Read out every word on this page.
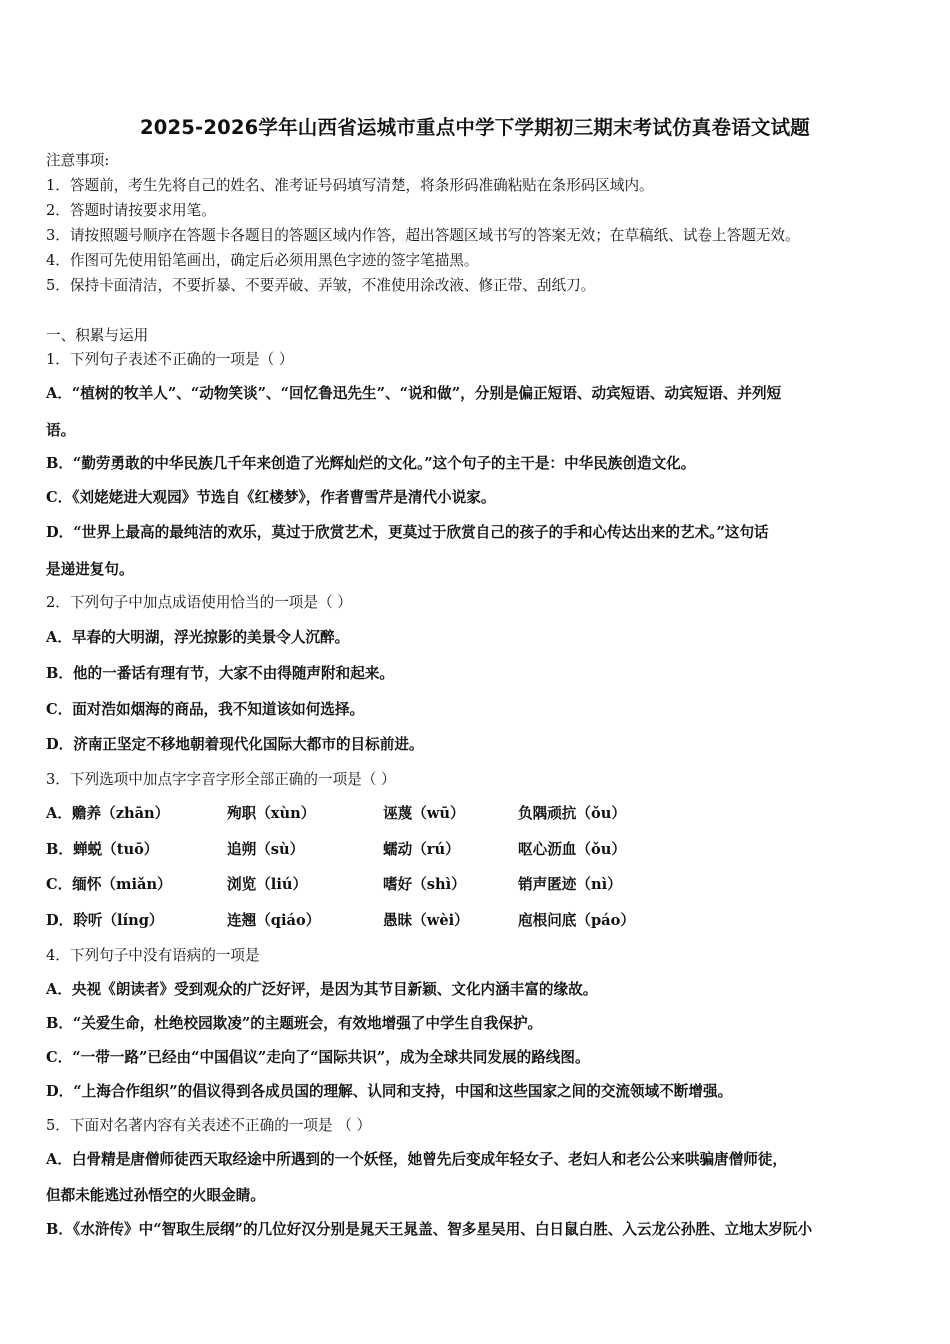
2025-2026学年山西省运城市重点中学下学期初三期末考试仿真卷语文试题
注意事项:
1．答题前，考生先将自己的姓名、准考证号码填写清楚，将条形码准确粘贴在条形码区域内。
2．答题时请按要求用笔。
3．请按照题号顺序在答题卡各题目的答题区域内作答，超出答题区域书写的答案无效；在草稿纸、试卷上答题无效。
4．作图可先使用铅笔画出，确定后必须用黑色字迹的签字笔描黑。
5．保持卡面清洁，不要折暴、不要弄破、弄皱，不准使用涂改液、修正带、刮纸刀。
一、积累与运用
1．下列句子表述不正确的一项是（ ）
A．“植树的牧羊人”、“动物笑谈”、“回忆鲁迅先生”、“说和做”，分别是偏正短语、动宾短语、动宾短语、并列短
语。
B．“勤劳勇敢的中华民族几千年来创造了光辉灿烂的文化。”这个句子的主干是：中华民族创造文化。
C．《刘姥姥进大观园》节选自《红楼梦》，作者曹雪芹是清代小说家。
D．“世界上最高的最纯洁的欢乐，莫过于欣赏艺术，更莫过于欣赏自己的孩子的手和心传达出来的艺术。”这句话
是递进复句。
2．下列句子中加点成语使用恰当的一项是（ ）
A．早春的大明湖，浮光掠影的美景令人沉醉。
B．他的一番话有理有节，大家不由得随声附和起来。
C．面对浩如烟海的商品，我不知道该如何选择。
D．济南正坚定不移地朝着现代化国际大都市的目标前进。
3．下列选项中加点字字音字形全部正确的一项是（ ）
A．赡养（zhān）	殉职（xùn）	诬蔑（wū）	负隅顽抗（ǒu）
B．蝉蜕（tuō）	追朔（sù）	蠕动（rú）	呕心沥血（ǒu）
C．缅怀（miǎn）	浏览（liú）	嗜好（shì）	销声匿迹（nì）
D．聆听（líng）	连翘（qiáo）	愚昧（wèi）	庖根问底（páo）
4．下列句子中没有语病的一项是
A．央视《朗读者》受到观众的广泛好评，是因为其节目新颖、文化内涵丰富的缘故。
B．“关爱生命，杜绝校园欺凌”的主题班会，有效地增强了中学生自我保护。
C．“一带一路”已经由“中国倡议”走向了“国际共识”，成为全球共同发展的路线图。
D．“上海合作组织”的倡议得到各成员国的理解、认同和支持，中国和这些国家之间的交流领域不断增强。
5．下面对名著内容有关表述不正确的一项是 （ ）
A．白骨精是唐僧师徒西天取经途中所遇到的一个妖怪，她曾先后变成年轻女子、老妇人和老公公来哄骗唐僧师徒，
但都未能逃过孙悟空的火眼金睛。
B．《水浒传》中“智取生辰纲”的几位好汉分别是晁天王晁盖、智多星吴用、白日鼠白胜、入云龙公孙胜、立地太岁阮小
